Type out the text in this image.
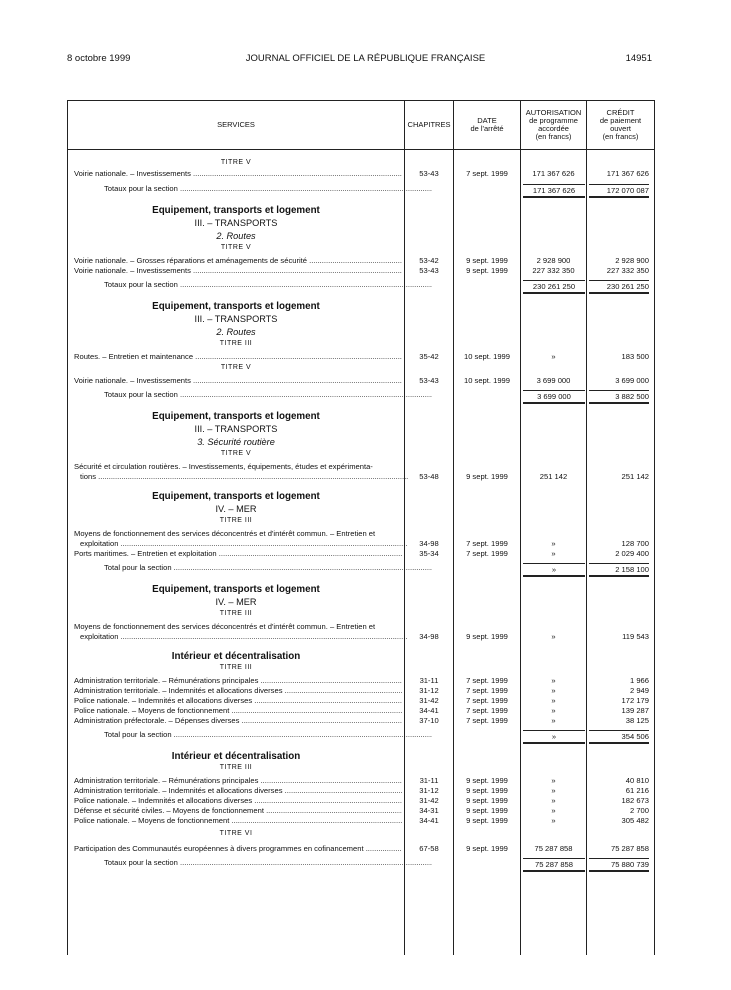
8 octobre 1999	JOURNAL OFFICIEL DE LA RÉPUBLIQUE FRANÇAISE	14951
SERVICES	CHAPITRES	DATE
de l'arrêté
AUTORISATION
de programme
accordée
(en francs)
CRÉDIT
de paiement
ouvert
(en francs)
TITRE V
Voirie nationale. – Investissements .....	53-43	7 sept. 1999	171 367 626	171 367 626
Totaux pour la section .....	171 367 626	172 070 087
Equipement, transports et logement
III. – TRANSPORTS
2. Routes
TITRE V
Voirie nationale. – Grosses réparations et aménagements de sécurité .....	53-42	9 sept. 1999	2 928 900	2 928 900
Voirie nationale. – Investissements .....	53-43	9 sept. 1999	227 332 350	227 332 350
Totaux pour la section .....	230 261 250	230 261 250
Equipement, transports et logement
III. – TRANSPORTS
2. Routes
TITRE III
Routes. – Entretien et maintenance .....	35-42	10 sept. 1999	»	183 500
TITRE V
Voirie nationale. – Investissements .....	53-43	10 sept. 1999	3 699 000	3 699 000
Totaux pour la section .....	3 699 000	3 882 500
Equipement, transports et logement
III. – TRANSPORTS
3. Sécurité routière
TITRE V
Sécurité et circulation routières. – Investissements, équipements, études et expérimenta-
tions .....	53-48	9 sept. 1999	251 142	251 142
Equipement, transports et logement
IV. – MER
TITRE III
Moyens de fonctionnement des services déconcentrés et d'intérêt commun. – Entretien et
exploitation .....	34-98	7 sept. 1999	»	128 700
Ports maritimes. – Entretien et exploitation .....	35-34	7 sept. 1999	»	2 029 400
Total pour la section .....	»	2 158 100
Equipement, transports et logement
IV. – MER
TITRE III
Moyens de fonctionnement des services déconcentrés et d'intérêt commun. – Entretien et
exploitation .....	34-98	9 sept. 1999	»	119 543
Intérieur et décentralisation
TITRE III
Administration territoriale. – Rémunérations principales .....	31-11	7 sept. 1999	»	1 966
Administration territoriale. – Indemnités et allocations diverses .....	31-12	7 sept. 1999	»	2 949
Police nationale. – Indemnités et allocations diverses .....	31-42	7 sept. 1999	»	172 179
Police nationale. – Moyens de fonctionnement .....	34-41	7 sept. 1999	»	139 287
Administration préfectorale. – Dépenses diverses .....	37-10	7 sept. 1999	»	38 125
Total pour la section .....	»	354 506
Intérieur et décentralisation
TITRE III
Administration territoriale. – Rémunérations principales .....	31-11	9 sept. 1999	»	40 810
Administration territoriale. – Indemnités et allocations diverses .....	31-12	9 sept. 1999	»	61 216
Police nationale. – Indemnités et allocations diverses .....	31-42	9 sept. 1999	»	182 673
Défense et sécurité civiles. – Moyens de fonctionnement .....	34-31	9 sept. 1999	»	2 700
Police nationale. – Moyens de fonctionnement .....	34-41	9 sept. 1999	»	305 482
TITRE VI
Participation des Communautés européennes à divers programmes en cofinancement .....	67-58	9 sept. 1999	75 287 858	75 287 858
Totaux pour la section .....	75 287 858	75 880 739
